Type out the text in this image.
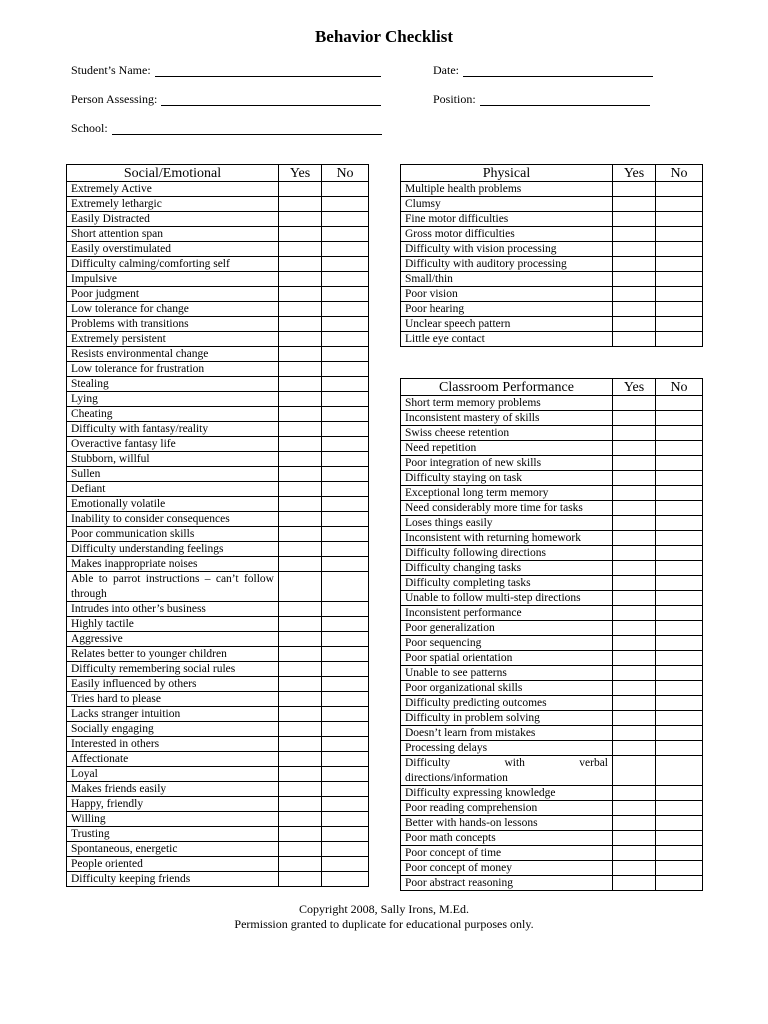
Behavior Checklist
Student’s Name:	Date:
Person Assessing:	Position:
School:
Social/Emotional	Yes	No
Extremely Active		
Extremely lethargic		
Easily Distracted		
Short attention span		
Easily overstimulated		
Difficulty calming/comforting self		
Impulsive		
Poor judgment		
Low tolerance for change		
Problems with transitions		
Extremely persistent		
Resists environmental change		
Low tolerance for frustration		
Stealing		
Lying		
Cheating		
Difficulty with fantasy/reality		
Overactive fantasy life		
Stubborn, willful		
Sullen		
Defiant		
Emotionally volatile		
Inability to consider consequences		
Poor communication skills		
Difficulty understanding feelings		
Makes inappropriate noises		
Able to parrot instructions – can’t follow through		
Intrudes into other’s business		
Highly tactile		
Aggressive		
Relates better to younger children		
Difficulty remembering social rules		
Easily influenced by others		
Tries hard to please		
Lacks stranger intuition		
Socially engaging		
Interested in others		
Affectionate		
Loyal		
Makes friends easily		
Happy, friendly		
Willing		
Trusting		
Spontaneous, energetic		
People oriented		
Difficulty keeping friends		
Physical	Yes	No
Multiple health problems		
Clumsy		
Fine motor difficulties		
Gross motor difficulties		
Difficulty with vision processing		
Difficulty with auditory processing		
Small/thin		
Poor vision		
Poor hearing		
Unclear speech pattern		
Little eye contact		
Classroom Performance	Yes	No
Short term memory problems		
Inconsistent mastery of skills		
Swiss cheese retention		
Need repetition		
Poor integration of new skills		
Difficulty staying on task		
Exceptional long term memory		
Need considerably more time for tasks		
Loses things easily		
Inconsistent with returning homework		
Difficulty following directions		
Difficulty changing tasks		
Difficulty completing tasks		
Unable to follow multi-step directions		
Inconsistent performance		
Poor generalization		
Poor sequencing		
Poor spatial orientation		
Unable to see patterns		
Poor organizational skills		
Difficulty predicting outcomes		
Difficulty in problem solving		
Doesn’t learn from mistakes		
Processing delays		
Difficulty with verbal directions/information		
Difficulty expressing knowledge		
Poor reading comprehension		
Better with hands-on lessons		
Poor math concepts		
Poor concept of time		
Poor concept of money		
Poor abstract reasoning		
Copyright 2008, Sally Irons, M.Ed.
Permission granted to duplicate for educational purposes only.
